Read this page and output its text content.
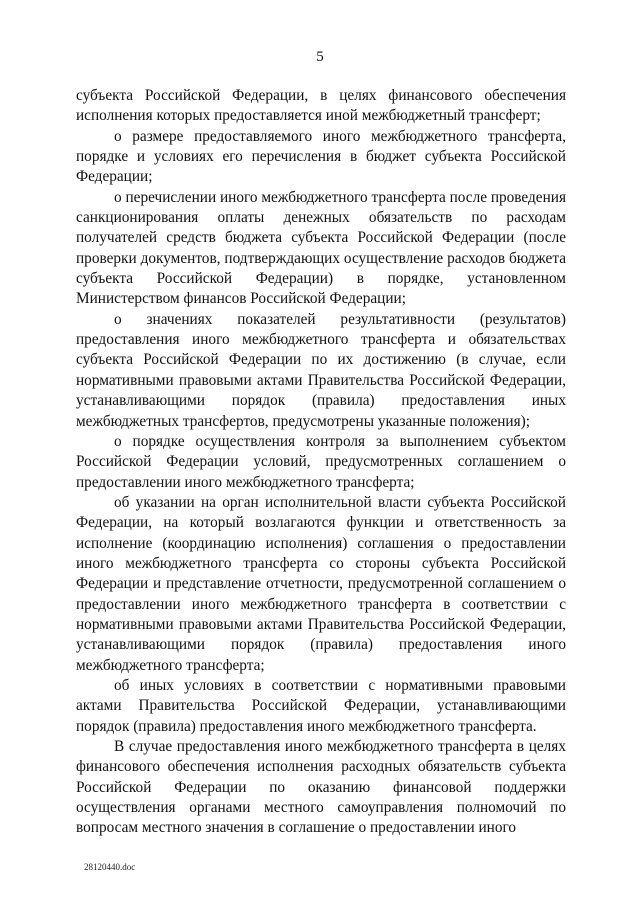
5

субъекта Российской Федерации, в целях финансового обеспечения исполнения которых предоставляется иной межбюджетный трансферт;

о размере предоставляемого иного межбюджетного трансферта, порядке и условиях его перечисления в бюджет субъекта Российской Федерации;

о перечислении иного межбюджетного трансферта после проведения санкционирования оплаты денежных обязательств по расходам получателей средств бюджета субъекта Российской Федерации (после проверки документов, подтверждающих осуществление расходов бюджета субъекта Российской Федерации) в порядке, установленном Министерством финансов Российской Федерации;

о значениях показателей результативности (результатов) предоставления иного межбюджетного трансферта и обязательствах субъекта Российской Федерации по их достижению (в случае, если нормативными правовыми актами Правительства Российской Федерации, устанавливающими порядок (правила) предоставления иных межбюджетных трансфертов, предусмотрены указанные положения);

о порядке осуществления контроля за выполнением субъектом Российской Федерации условий, предусмотренных соглашением о предоставлении иного межбюджетного трансферта;

об указании на орган исполнительной власти субъекта Российской Федерации, на который возлагаются функции и ответственность за исполнение (координацию исполнения) соглашения о предоставлении иного межбюджетного трансферта со стороны субъекта Российской Федерации и представление отчетности, предусмотренной соглашением о предоставлении иного межбюджетного трансферта в соответствии с нормативными правовыми актами Правительства Российской Федерации, устанавливающими порядок (правила) предоставления иного межбюджетного трансферта;

об иных условиях в соответствии с нормативными правовыми актами Правительства Российской Федерации, устанавливающими порядок (правила) предоставления иного межбюджетного трансферта.

В случае предоставления иного межбюджетного трансферта в целях финансового обеспечения исполнения расходных обязательств субъекта Российской Федерации по оказанию финансовой поддержки осуществления органами местного самоуправления полномочий по вопросам местного значения в соглашение о предоставлении иного

28120440.doc
